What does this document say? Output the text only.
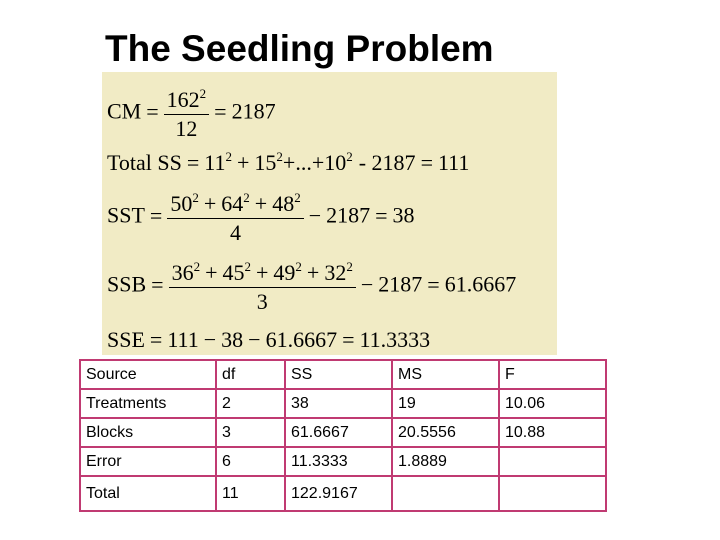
The Seedling Problem
CM = $\frac{162^2}{12} = 2187$
Total SS = $11^2 + 15^2+...+10^2 - 2187 = 111$
SST = $\frac{50^2 + 64^2 + 48^2}{4} - 2187 = 38$
SSB = $\frac{36^2 + 45^2 + 49^2 + 32^2}{3} - 2187 = 61.6667$
SSE = 111 − 38 − 61.6667 = 11.3333
Source	df	SS	MS	F
Treatments	2	38	19	10.06
Blocks	3	61.6667	20.5556	10.88
Error	6	11.3333	1.8889	
Total	11	122.9167		
